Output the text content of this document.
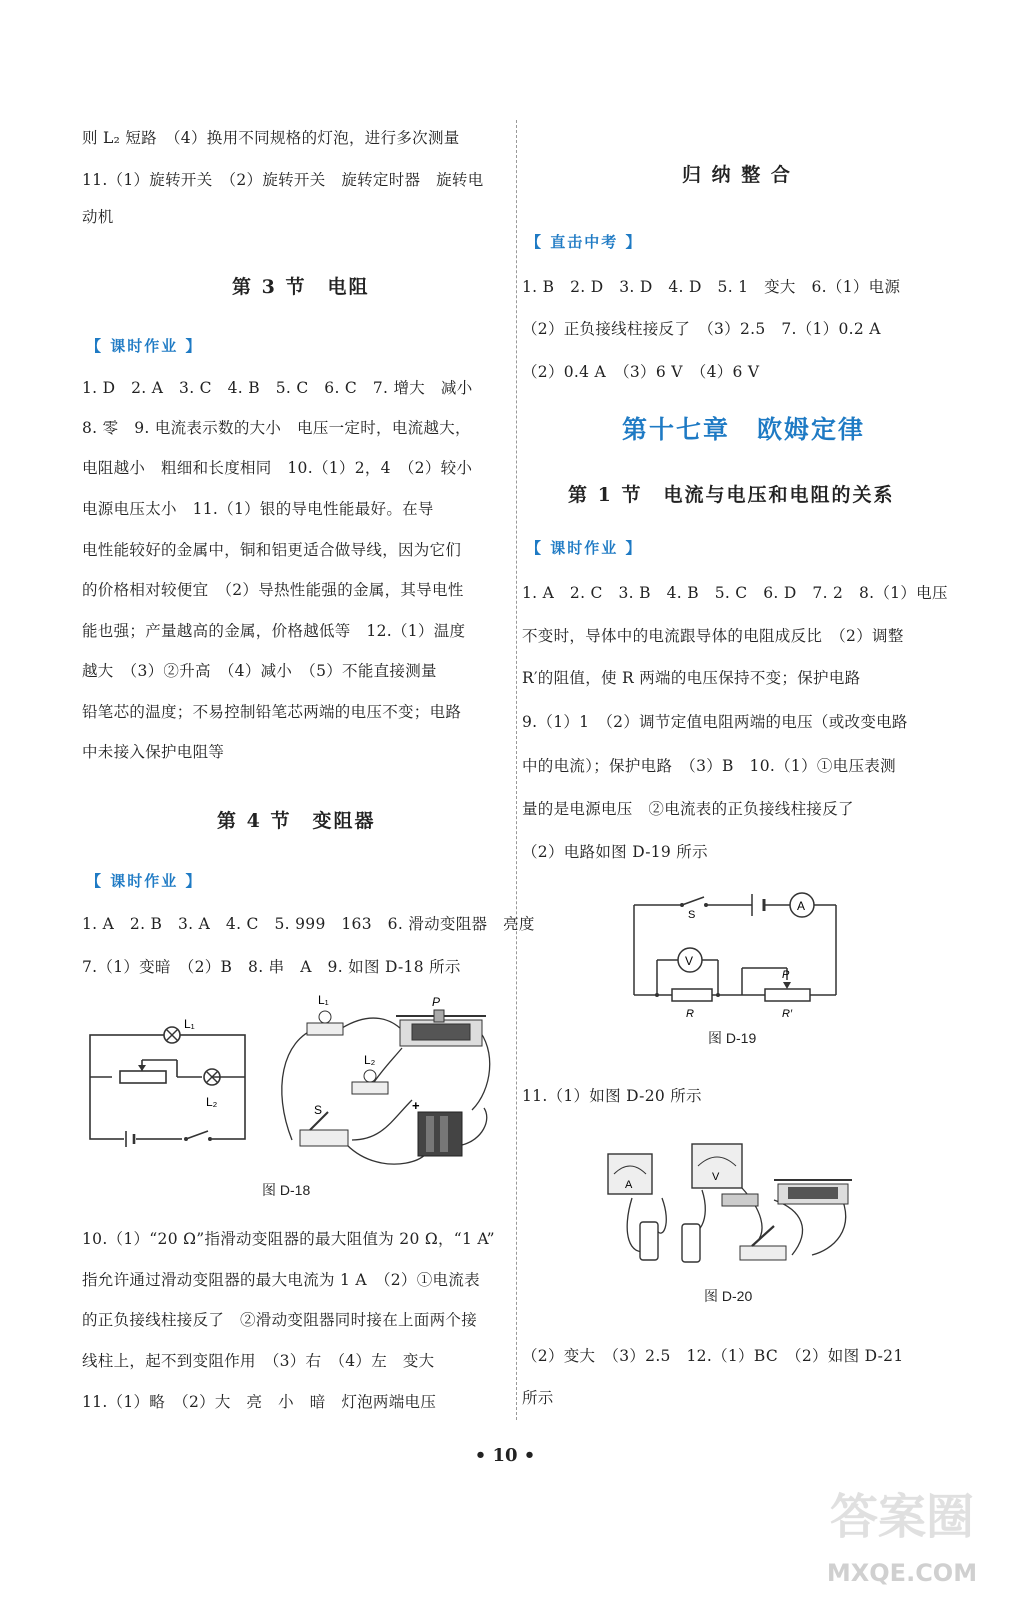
则 L₂ 短路　（4）换用不同规格的灯泡，进行多次测量
11.（1）旋转开关　（2）旋转开关　旋转定时器　旋转电
动机
第 3 节　电阻
【 课时作业 】
1. D　2. A　3. C　4. B　5. C　6. C　7. 增大　减小
8. 零　9. 电流表示数的大小　电压一定时，电流越大，
电阻越小　粗细和长度相同　10.（1）2，4　（2）较小
电源电压太小　11.（1）银的导电性能最好。在导
电性能较好的金属中，铜和铝更适合做导线，因为它们
的价格相对较便宜　（2）导热性能强的金属，其导电性
能也强；产量越高的金属，价格越低等　12.（1）温度
越大　（3）②升高　（4）减小　（5）不能直接测量
铅笔芯的温度；不易控制铅笔芯两端的电压不变；电路
中未接入保护电阻等
第 4 节　变阻器
【 课时作业 】
1. A　2. B　3. A　4. C　5. 999　163　6. 滑动变阻器　亮度
7.（1）变暗　（2）B　8. 串　A　9. 如图 D-18 所示
L₁
L₂
L₁	P
L₂
S	+
图 D-18
10.（1）“20 Ω”指滑动变阻器的最大阻值为 20 Ω，“1 A”
指允许通过滑动变阻器的最大电流为 1 A　（2）①电流表
的正负接线柱接反了　②滑动变阻器同时接在上面两个接
线柱上，起不到变阻作用　（3）右　（4）左　变大
11.（1）略　（2）大　亮　小　暗　灯泡两端电压
归 纳 整 合
【 直击中考 】
1. B　2. D　3. D　4. D　5. 1　变大　6.（1）电源
（2）正负接线柱接反了　（3）2.5　7.（1）0.2 A
（2）0.4 A　（3）6 V　（4）6 V
第十七章　欧姆定律
第 1 节　电流与电压和电阻的关系
【 课时作业 】
1. A　2. C　3. B　4. B　5. C　6. D　7. 2　8.（1）电压
不变时，导体中的电流跟导体的电阻成反比　（2）调整
R′的阻值，使 R 两端的电压保持不变；保护电路
9.（1）1　（2）调节定值电阻两端的电压（或改变电路
中的电流）；保护电路　（3）B　10.（1）①电压表测
量的是电源电压　②电流表的正负接线柱接反了
（2）电路如图 D-19 所示
S
A
V
R
P
R′
图 D-19
11.（1）如图 D-20 所示
A
V
图 D-20
（2）变大　（3）2.5　12.（1）BC　（2）如图 D-21
所示
• 10 •
答案圈
MXQE.COM
